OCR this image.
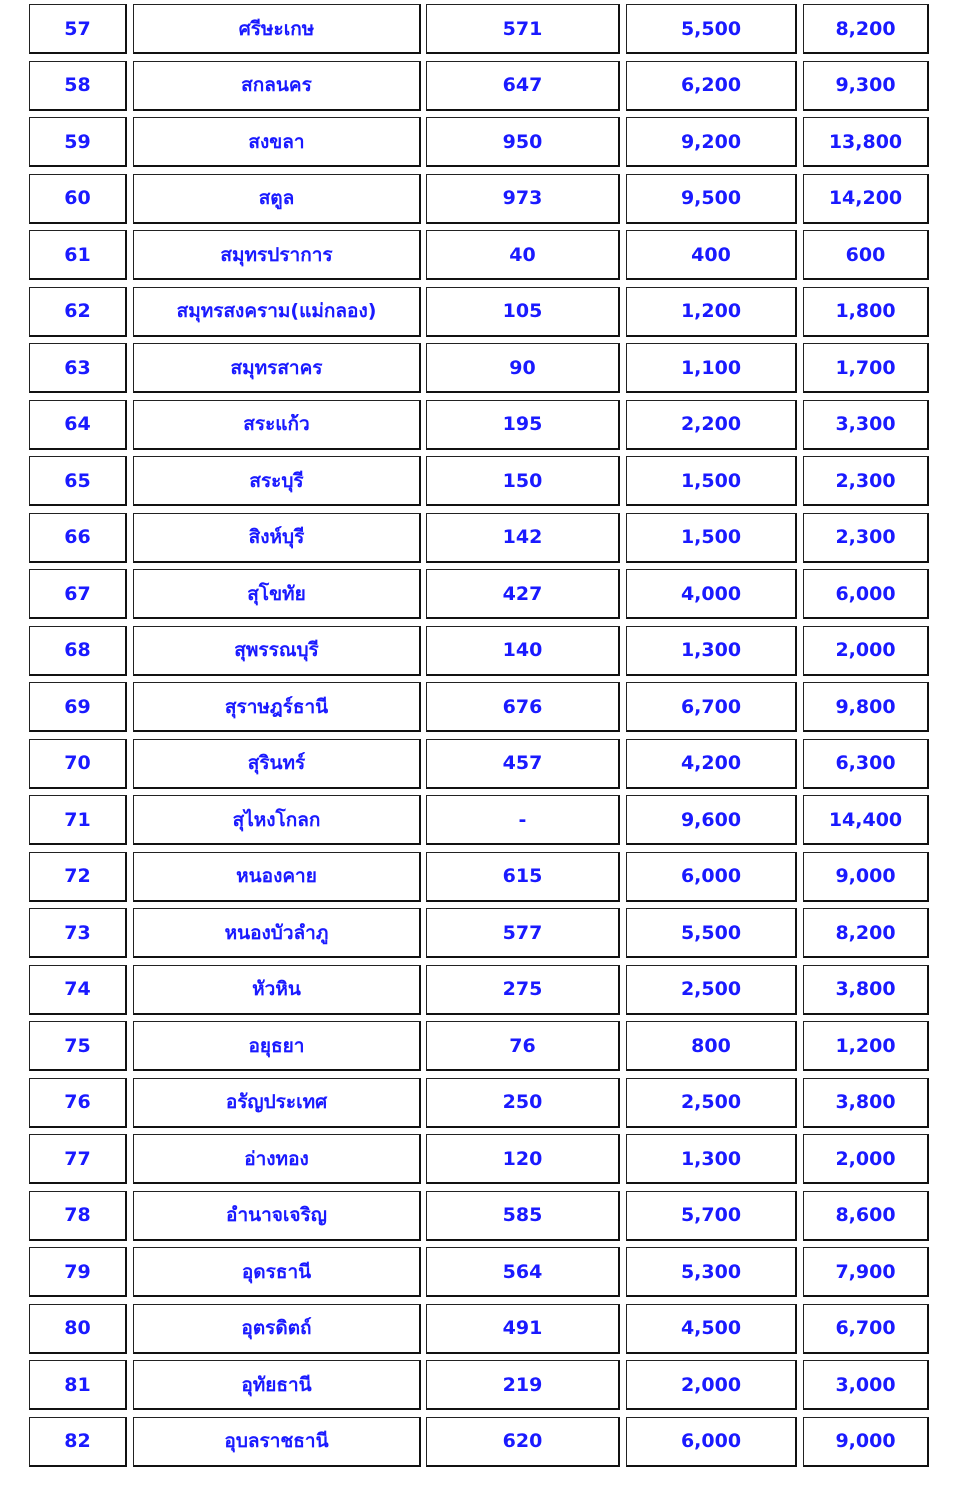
57	ศรีษะเกษ	571	5,500	8,200
58	สกลนคร	647	6,200	9,300
59	สงขลา	950	9,200	13,800
60	สตูล	973	9,500	14,200
61	สมุทรปราการ	40	400	600
62	สมุทรสงคราม(แม่กลอง)	105	1,200	1,800
63	สมุทรสาคร	90	1,100	1,700
64	สระแก้ว	195	2,200	3,300
65	สระบุรี	150	1,500	2,300
66	สิงห์บุรี	142	1,500	2,300
67	สุโขทัย	427	4,000	6,000
68	สุพรรณบุรี	140	1,300	2,000
69	สุราษฎร์ธานี	676	6,700	9,800
70	สุรินทร์	457	4,200	6,300
71	สุไหงโกลก	-	9,600	14,400
72	หนองคาย	615	6,000	9,000
73	หนองบัวลำภู	577	5,500	8,200
74	หัวหิน	275	2,500	3,800
75	อยุธยา	76	800	1,200
76	อรัญประเทศ	250	2,500	3,800
77	อ่างทอง	120	1,300	2,000
78	อำนาจเจริญ	585	5,700	8,600
79	อุดรธานี	564	5,300	7,900
80	อุตรดิตถ์	491	4,500	6,700
81	อุทัยธานี	219	2,000	3,000
82	อุบลราชธานี	620	6,000	9,000
